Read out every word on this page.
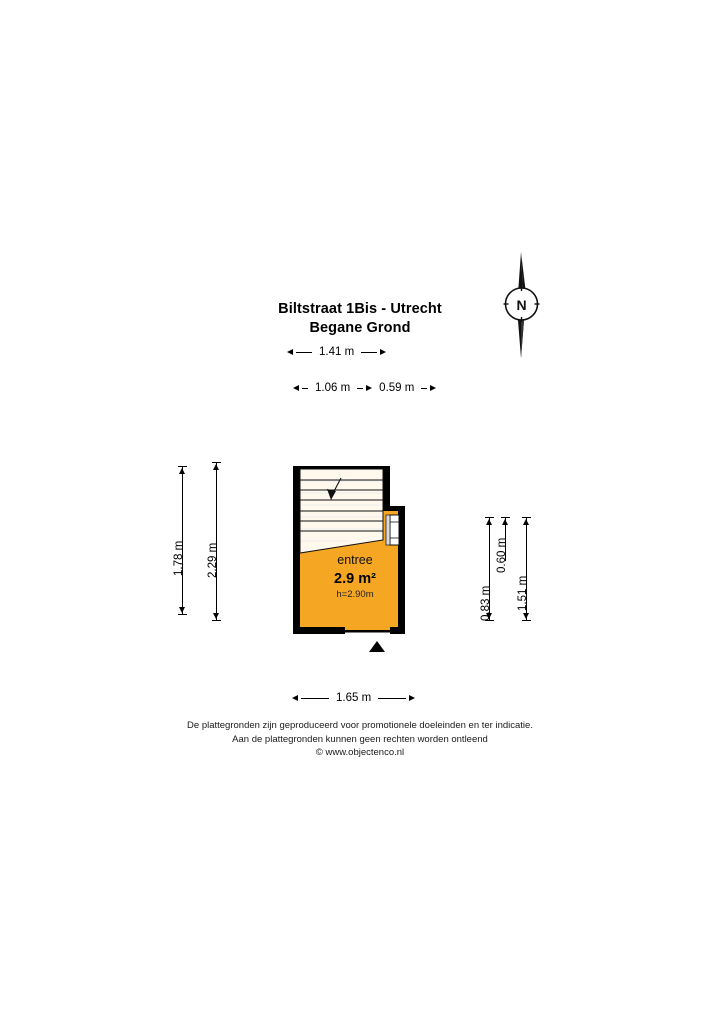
Biltstraat 1Bis - Utrecht
Begane Grond
N
1.41 m
1.06 m	0.59 m
entree
2.9 m²
h=2.90m
1.78 m 2.29 m
0.83 m
0.60 m
1.51 m
1.65 m
De plattegronden zijn geproduceerd voor promotionele doeleinden en ter indicatie.
Aan de plattegronden kunnen geen rechten worden ontleend
© www.objectenco.nl
